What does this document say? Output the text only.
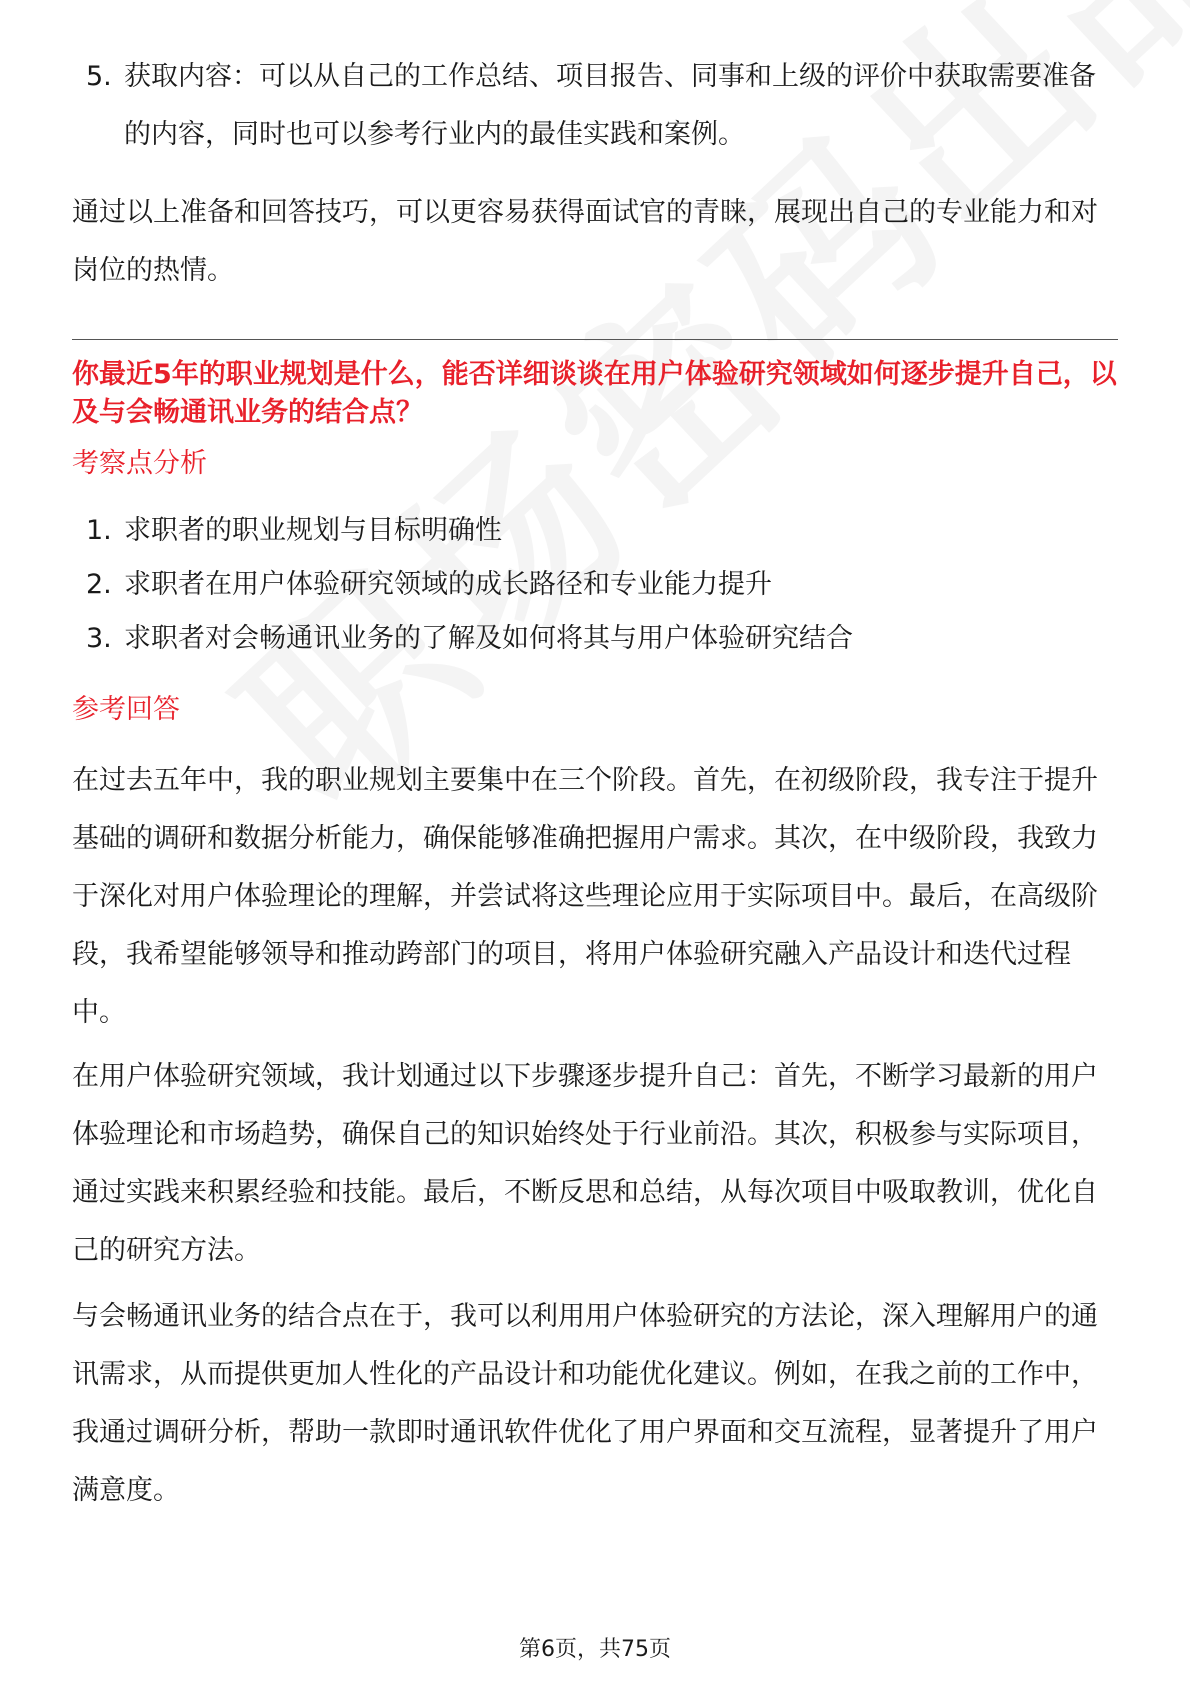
5. 获取内容：可以从自己的工作总结、项目报告、同事和上级的评价中获取需要准备的内容，同时也可以参考行业内的最佳实践和案例。

通过以上准备和回答技巧，可以更容易获得面试官的青睐，展现出自己的专业能力和对岗位的热情。

你最近5年的职业规划是什么，能否详细谈谈在用户体验研究领域如何逐步提升自己，以及与会畅通讯业务的结合点？
考察点分析
1. 求职者的职业规划与目标明确性
2. 求职者在用户体验研究领域的成长路径和专业能力提升
3. 求职者对会畅通讯业务的了解及如何将其与用户体验研究结合
参考回答

在过去五年中，我的职业规划主要集中在三个阶段。首先，在初级阶段，我专注于提升基础的调研和数据分析能力，确保能够准确把握用户需求。其次，在中级阶段，我致力于深化对用户体验理论的理解，并尝试将这些理论应用于实际项目中。最后，在高级阶段，我希望能够领导和推动跨部门的项目，将用户体验研究融入产品设计和迭代过程中。

在用户体验研究领域，我计划通过以下步骤逐步提升自己：首先，不断学习最新的用户体验理论和市场趋势，确保自己的知识始终处于行业前沿。其次，积极参与实际项目，通过实践来积累经验和技能。最后，不断反思和总结，从每次项目中吸取教训，优化自己的研究方法。

与会畅通讯业务的结合点在于，我可以利用用户体验研究的方法论，深入理解用户的通讯需求，从而提供更加人性化的产品设计和功能优化建议。例如，在我之前的工作中，我通过调研分析，帮助一款即时通讯软件优化了用户界面和交互流程，显著提升了用户满意度。

第6页，共75页
